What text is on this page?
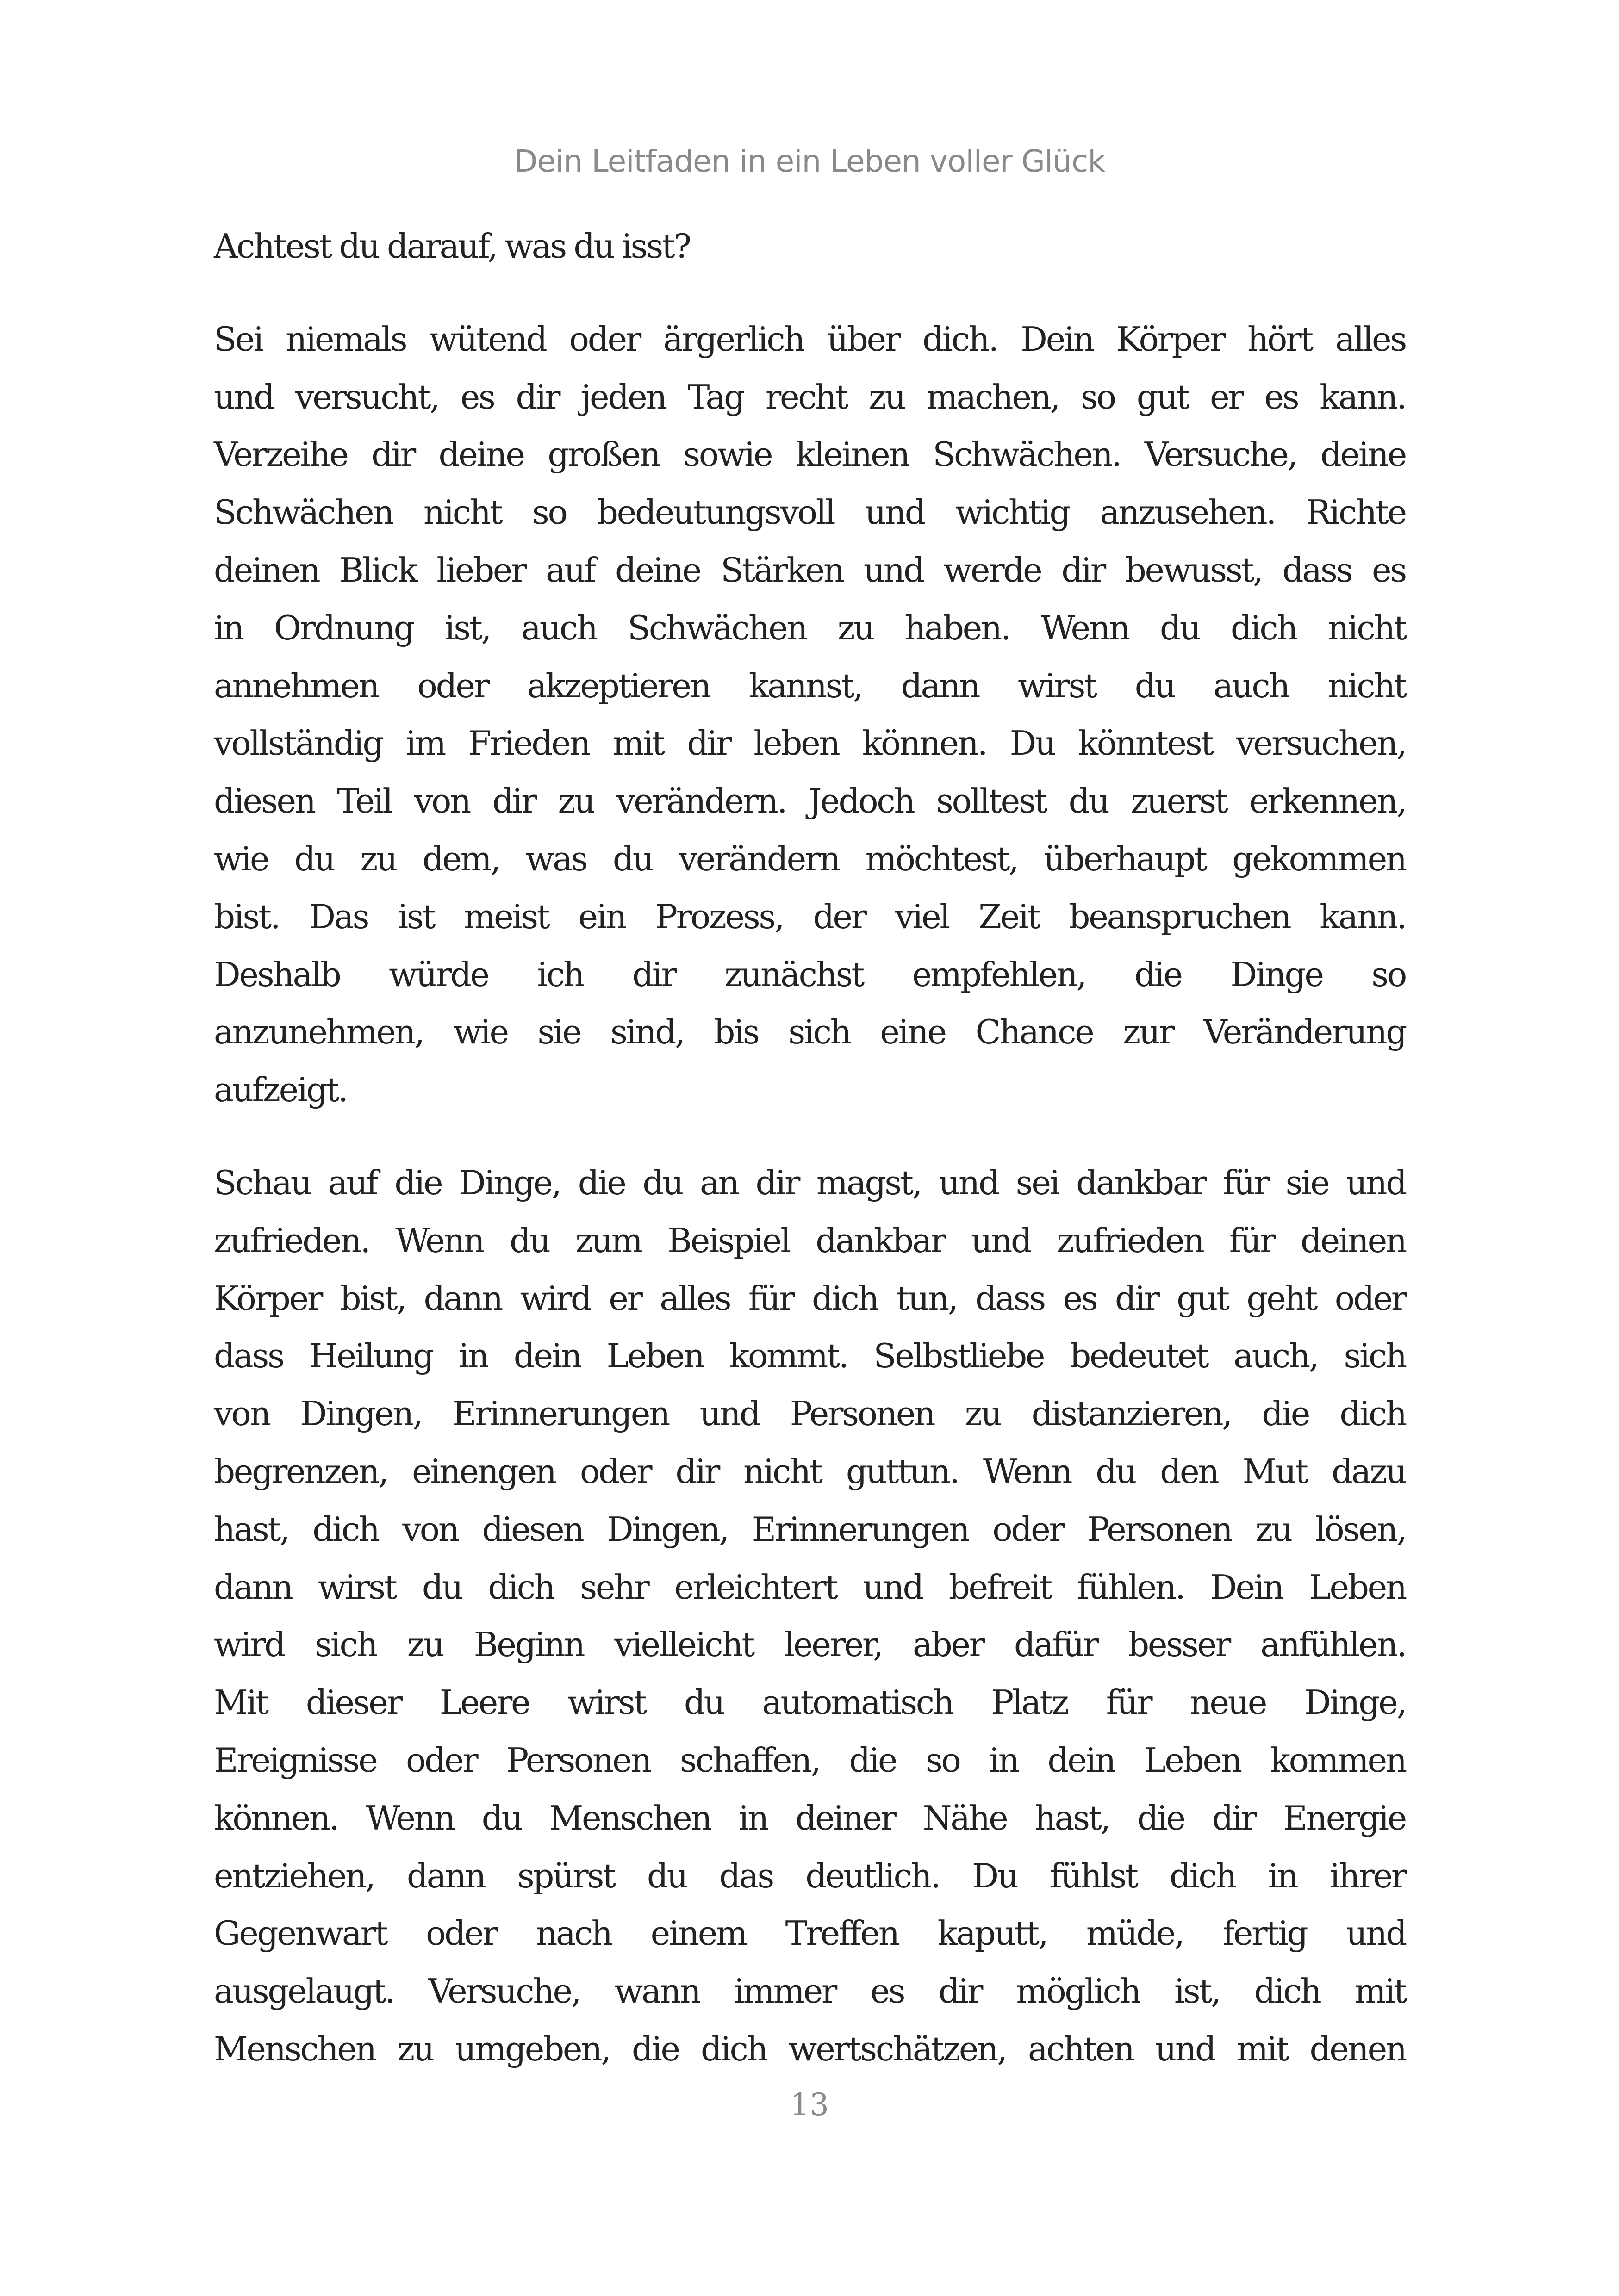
Dein Leitfaden in ein Leben voller Glück

Achtest du darauf, was du isst?

Sei niemals wütend oder ärgerlich über dich. Dein Körper hört alles

und versucht, es dir jeden Tag recht zu machen, so gut er es kann.

Verzeihe dir deine großen sowie kleinen Schwächen. Versuche, deine

Schwächen nicht so bedeutungsvoll und wichtig anzusehen. Richte

deinen Blick lieber auf deine Stärken und werde dir bewusst, dass es

in Ordnung ist, auch Schwächen zu haben. Wenn du dich nicht

annehmen oder akzeptieren kannst, dann wirst du auch nicht

vollständig im Frieden mit dir leben können. Du könntest versuchen,

diesen Teil von dir zu verändern. Jedoch solltest du zuerst erkennen,

wie du zu dem, was du verändern möchtest, überhaupt gekommen

bist. Das ist meist ein Prozess, der viel Zeit beanspruchen kann.

Deshalb würde ich dir zunächst empfehlen, die Dinge so

anzunehmen, wie sie sind, bis sich eine Chance zur Veränderung

aufzeigt.

Schau auf die Dinge, die du an dir magst, und sei dankbar für sie und

zufrieden. Wenn du zum Beispiel dankbar und zufrieden für deinen

Körper bist, dann wird er alles für dich tun, dass es dir gut geht oder

dass Heilung in dein Leben kommt. Selbstliebe bedeutet auch, sich

von Dingen, Erinnerungen und Personen zu distanzieren, die dich

begrenzen, einengen oder dir nicht guttun. Wenn du den Mut dazu

hast, dich von diesen Dingen, Erinnerungen oder Personen zu lösen,

dann wirst du dich sehr erleichtert und befreit fühlen. Dein Leben

wird sich zu Beginn vielleicht leerer, aber dafür besser anfühlen.

Mit dieser Leere wirst du automatisch Platz für neue Dinge,

Ereignisse oder Personen schaffen, die so in dein Leben kommen

können. Wenn du Menschen in deiner Nähe hast, die dir Energie

entziehen, dann spürst du das deutlich. Du fühlst dich in ihrer

Gegenwart oder nach einem Treffen kaputt, müde, fertig und

ausgelaugt. Versuche, wann immer es dir möglich ist, dich mit

Menschen zu umgeben, die dich wertschätzen, achten und mit denen

13
